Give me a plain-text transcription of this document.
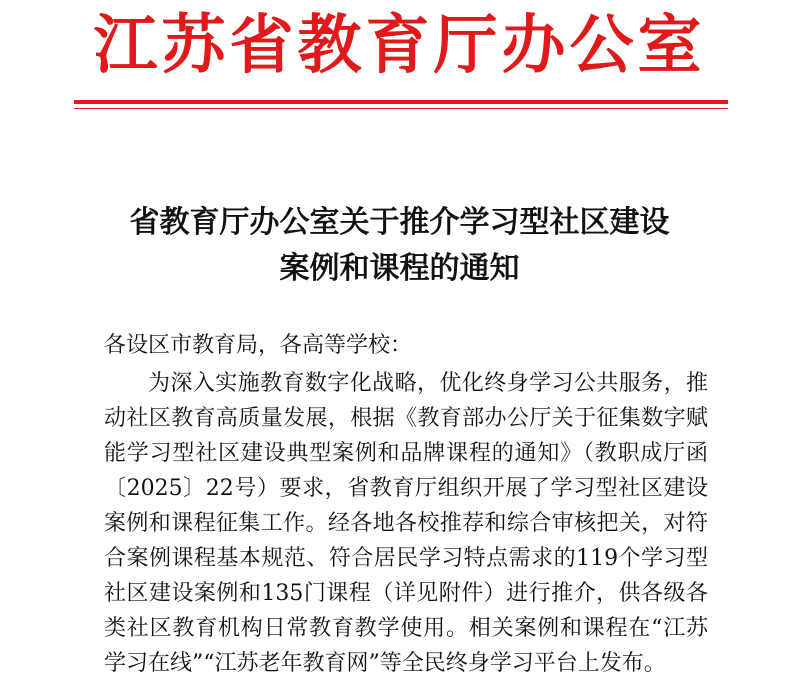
江苏省教育厅办公室
省教育厅办公室关于推介学习型社区建设
案例和课程的通知
各设区市教育局，各高等学校：
为深入实施教育数字化战略，优化终身学习公共服务，推动社区教育高质量发展，根据《教育部办公厅关于征集数字赋能学习型社区建设典型案例和品牌课程的通知》（教职成厅函〔2025〕22号）要求，省教育厅组织开展了学习型社区建设案例和课程征集工作。经各地各校推荐和综合审核把关，对符合案例课程基本规范、符合居民学习特点需求的119个学习型社区建设案例和135门课程（详见附件）进行推介，供各级各类社区教育机构日常教育教学使用。相关案例和课程在“江苏学习在线”“江苏老年教育网”等全民终身学习平台上发布。
